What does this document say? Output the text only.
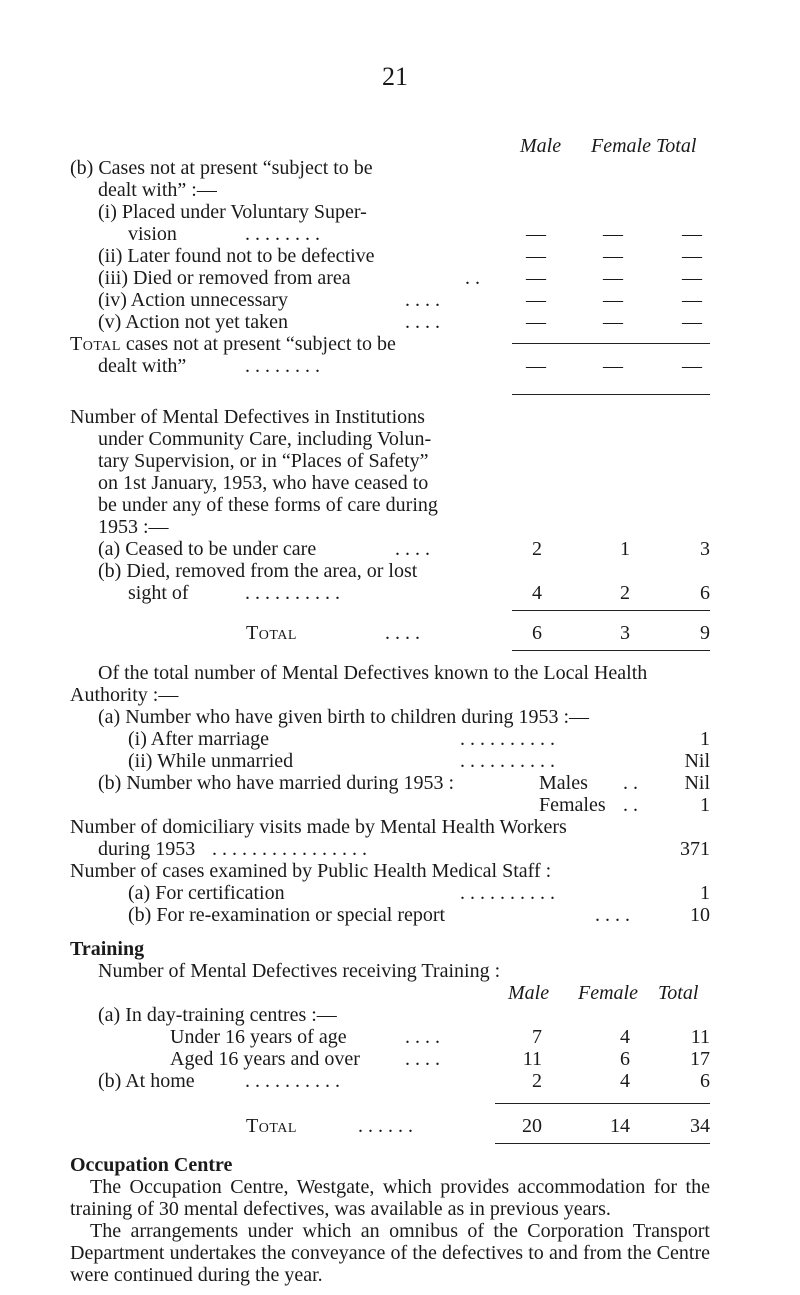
21
Male Female Total
(b) Cases not at present “subject to be
dealt with” :—
(i) Placed under Voluntary Super-
vision	. . . . . . . .	—	—	—
(ii) Later found not to be defective	—	—	—
(iii) Died or removed from area	. .	—	—	—
(iv) Action unnecessary	. . . .	—	—	—
(v) Action not yet taken	. . . .	—	—	—
Total cases not at present “subject to be
dealt with”	. . . . . . . .	—	—	—
Number of Mental Defectives in Institutions
under Community Care, including Volun-
tary Supervision, or in “Places of Safety”
on 1st January, 1953, who have ceased to
be under any of these forms of care during
1953 :—
(a) Ceased to be under care	. . . .	2	1	3
(b) Died, removed from the area, or lost
sight of	. . . . . . . . . .	4	2	6
Total	. . . .	6	3	9
Of the total number of Mental Defectives known to the Local Health
Authority :—
(a) Number who have given birth to children during 1953 :—
(i) After marriage	. . . . . . . . . .	1
(ii) While unmarried	. . . . . . . . . .	Nil
(b) Number who have married during 1953 :	Males . .	Nil
Females . .	1
Number of domiciliary visits made by Mental Health Workers
during 1953 . . . . . . . . . . . . . . . .	371
Number of cases examined by Public Health Medical Staff :
(a) For certification	. . . . . . . . . .	1
(b) For re-examination or special report	. . . .	10
Training
Number of Mental Defectives receiving Training :
Male Female Total
(a) In day-training centres :—
Under 16 years of age	. . . .	7	4	11
Aged 16 years and over . . . .	11	6	17
(b) At home	. . . . . . . . . .	2	4	6
Total	. . . . . .	20	14	34
Occupation Centre

The Occupation Centre, Westgate, which provides accommodation for the training of 30 mental defectives, was available as in previous years.

The arrangements under which an omnibus of the Corporation Transport Department undertakes the conveyance of the defectives to and from the Centre were continued during the year.
